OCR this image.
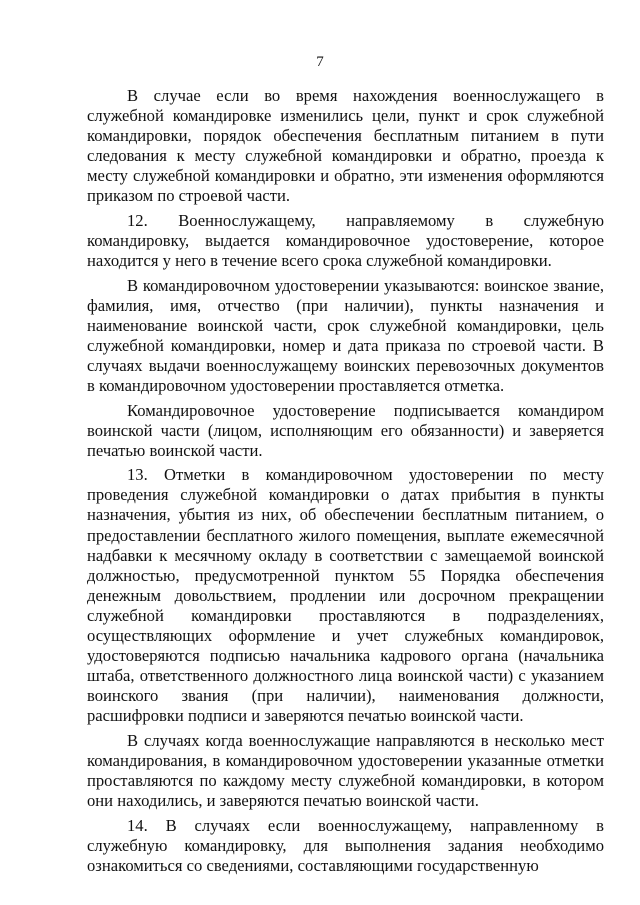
7

В случае если во время нахождения военнослужащего в служебной командировке изменились цели, пункт и срок служебной командировки, порядок обеспечения бесплатным питанием в пути следования к месту служебной командировки и обратно, проезда к месту служебной командировки и обратно, эти изменения оформляются приказом по строевой части.

12. Военнослужащему, направляемому в служебную командировку, выдается командировочное удостоверение, которое находится у него в течение всего срока служебной командировки.

В командировочном удостоверении указываются: воинское звание, фамилия, имя, отчество (при наличии), пункты назначения и наименование воинской части, срок служебной командировки, цель служебной командировки, номер и дата приказа по строевой части. В случаях выдачи военнослужащему воинских перевозочных документов в командировочном удостоверении проставляется отметка.

Командировочное удостоверение подписывается командиром воинской части (лицом, исполняющим его обязанности) и заверяется печатью воинской части.

13. Отметки в командировочном удостоверении по месту проведения служебной командировки о датах прибытия в пункты назначения, убытия из них, об обеспечении бесплатным питанием, о предоставлении бесплатного жилого помещения, выплате ежемесячной надбавки к месячному окладу в соответствии с замещаемой воинской должностью, предусмотренной пунктом 55 Порядка обеспечения денежным довольствием, продлении или досрочном прекращении служебной командировки проставляются в подразделениях, осуществляющих оформление и учет служебных командировок, удостоверяются подписью начальника кадрового органа (начальника штаба, ответственного должностного лица воинской части) с указанием воинского звания (при наличии), наименования должности, расшифровки подписи и заверяются печатью воинской части.

В случаях когда военнослужащие направляются в несколько мест командирования, в командировочном удостоверении указанные отметки проставляются по каждому месту служебной командировки, в котором они находились, и заверяются печатью воинской части.

14. В случаях если военнослужащему, направленному в служебную командировку, для выполнения задания необходимо ознакомиться со сведениями, составляющими государственную
